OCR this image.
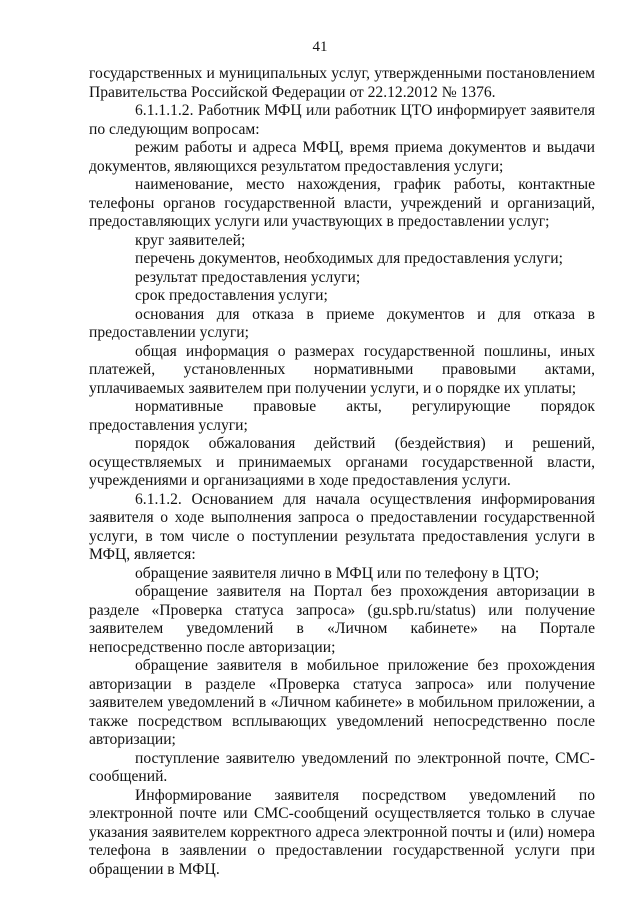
41

государственных и муниципальных услуг, утвержденными постановлением Правительства Российской Федерации от 22.12.2012 № 1376.

6.1.1.1.2. Работник МФЦ или работник ЦТО информирует заявителя по следующим вопросам:

режим работы и адреса МФЦ, время приема документов и выдачи документов, являющихся результатом предоставления услуги;

наименование, место нахождения, график работы, контактные телефоны органов государственной власти, учреждений и организаций, предоставляющих услуги или участвующих в предоставлении услуг;

круг заявителей;

перечень документов, необходимых для предоставления услуги;

результат предоставления услуги;

срок предоставления услуги;

основания для отказа в приеме документов и для отказа в предоставлении услуги;

общая информация о размерах государственной пошлины, иных платежей, установленных нормативными правовыми актами, уплачиваемых заявителем при получении услуги, и о порядке их уплаты;

нормативные правовые акты, регулирующие порядок предоставления услуги;

порядок обжалования действий (бездействия) и решений, осуществляемых и принимаемых органами государственной власти, учреждениями и организациями в ходе предоставления услуги.

6.1.1.2. Основанием для начала осуществления информирования заявителя о ходе выполнения запроса о предоставлении государственной услуги, в том числе о поступлении результата предоставления услуги в МФЦ, является:

обращение заявителя лично в МФЦ или по телефону в ЦТО;

обращение заявителя на Портал без прохождения авторизации в разделе «Проверка статуса запроса» (gu.spb.ru/status) или получение заявителем уведомлений в «Личном кабинете» на Портале непосредственно после авторизации;

обращение заявителя в мобильное приложение без прохождения авторизации в разделе «Проверка статуса запроса» или получение заявителем уведомлений в «Личном кабинете» в мобильном приложении, а также посредством всплывающих уведомлений непосредственно после авторизации;

поступление заявителю уведомлений по электронной почте, СМС-сообщений.

Информирование заявителя посредством уведомлений по электронной почте или СМС-сообщений осуществляется только в случае указания заявителем корректного адреса электронной почты и (или) номера телефона в заявлении о предоставлении государственной услуги при обращении в МФЦ.
